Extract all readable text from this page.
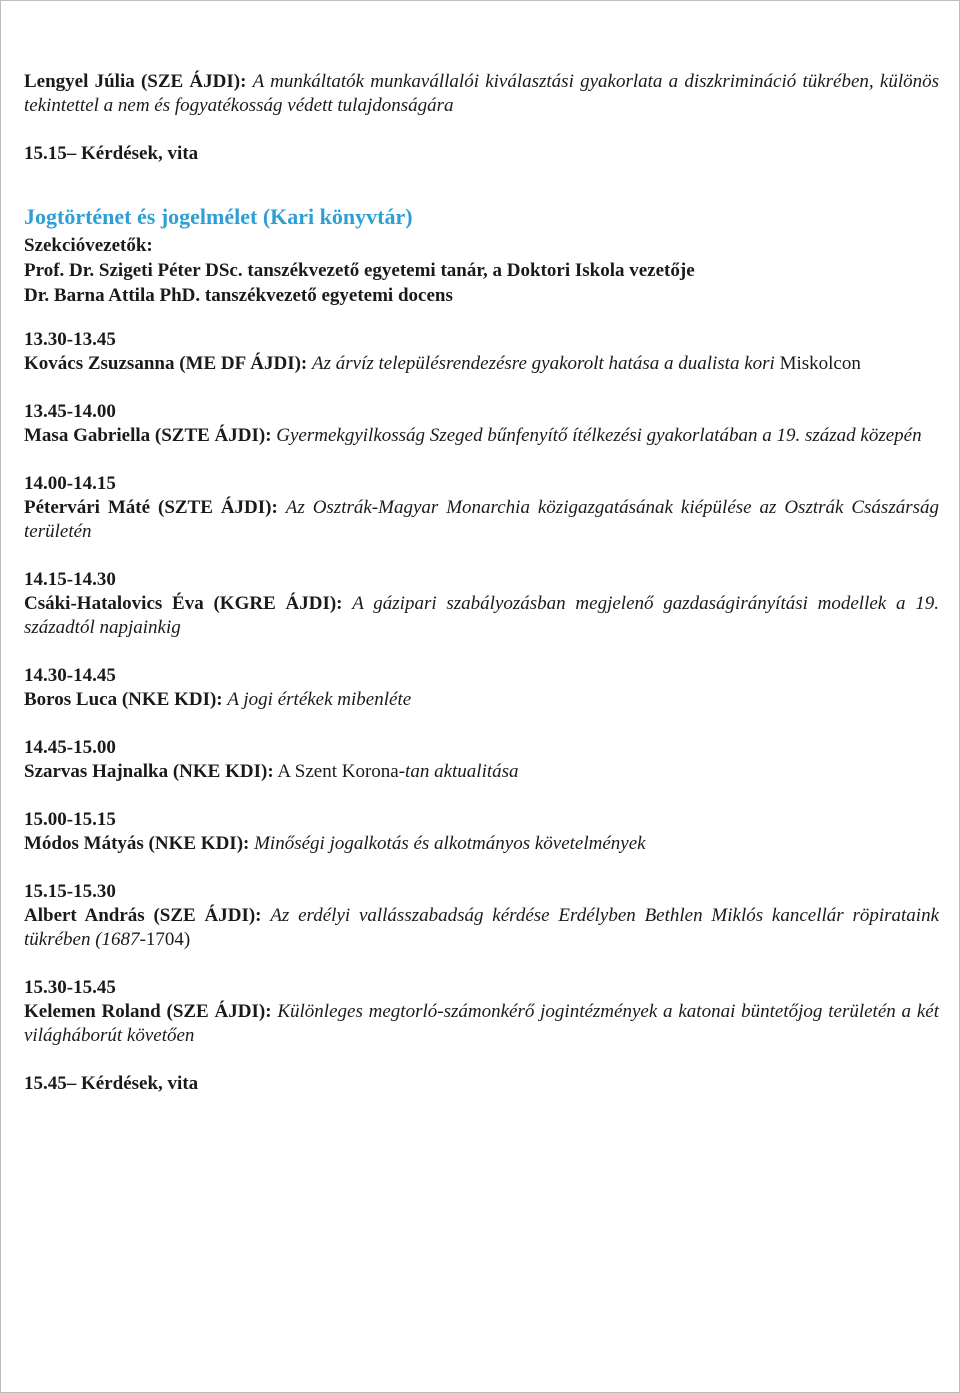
Lengyel Júlia (SZE ÁJDI): A munkáltatók munkavállalói kiválasztási gyakorlata a diszkrimináció tükrében, különös tekintettel a nem és fogyatékosság védett tulajdonságára

15.15– Kérdések, vita

Jogtörténet és jogelmélet (Kari könyvtár)
Szekcióvezetők:
Prof. Dr. Szigeti Péter DSc. tanszékvezető egyetemi tanár, a Doktori Iskola vezetője
Dr. Barna Attila PhD. tanszékvezető egyetemi docens
13.30-13.45

Kovács Zsuzsanna (ME DF ÁJDI): Az árvíz településrendezésre gyakorolt hatása a dualista kori Miskolcon

13.45-14.00

Masa Gabriella (SZTE ÁJDI): Gyermekgyilkosság Szeged bűnfenyítő ítélkezési gyakorlatában a 19. század közepén

14.00-14.15

Pétervári Máté (SZTE ÁJDI): Az Osztrák-Magyar Monarchia közigazgatásának kiépülése az Osztrák Császárság területén

14.15-14.30

Csáki-Hatalovics Éva (KGRE ÁJDI): A gázipari szabályozásban megjelenő gazdaságirányítási modellek a 19. századtól napjainkig

14.30-14.45

Boros Luca (NKE KDI): A jogi értékek mibenléte

14.45-15.00

Szarvas Hajnalka (NKE KDI): A Szent Korona-tan aktualitása

15.00-15.15

Módos Mátyás (NKE KDI): Minőségi jogalkotás és alkotmányos követelmények

15.15-15.30

Albert András (SZE ÁJDI): Az erdélyi vallásszabadság kérdése Erdélyben Bethlen Miklós kancellár röpirataink tükrében (1687-1704)

15.30-15.45

Kelemen Roland (SZE ÁJDI): Különleges megtorló-számonkérő jogintézmények a katonai büntetőjog területén a két világháborút követően

15.45– Kérdések, vita
